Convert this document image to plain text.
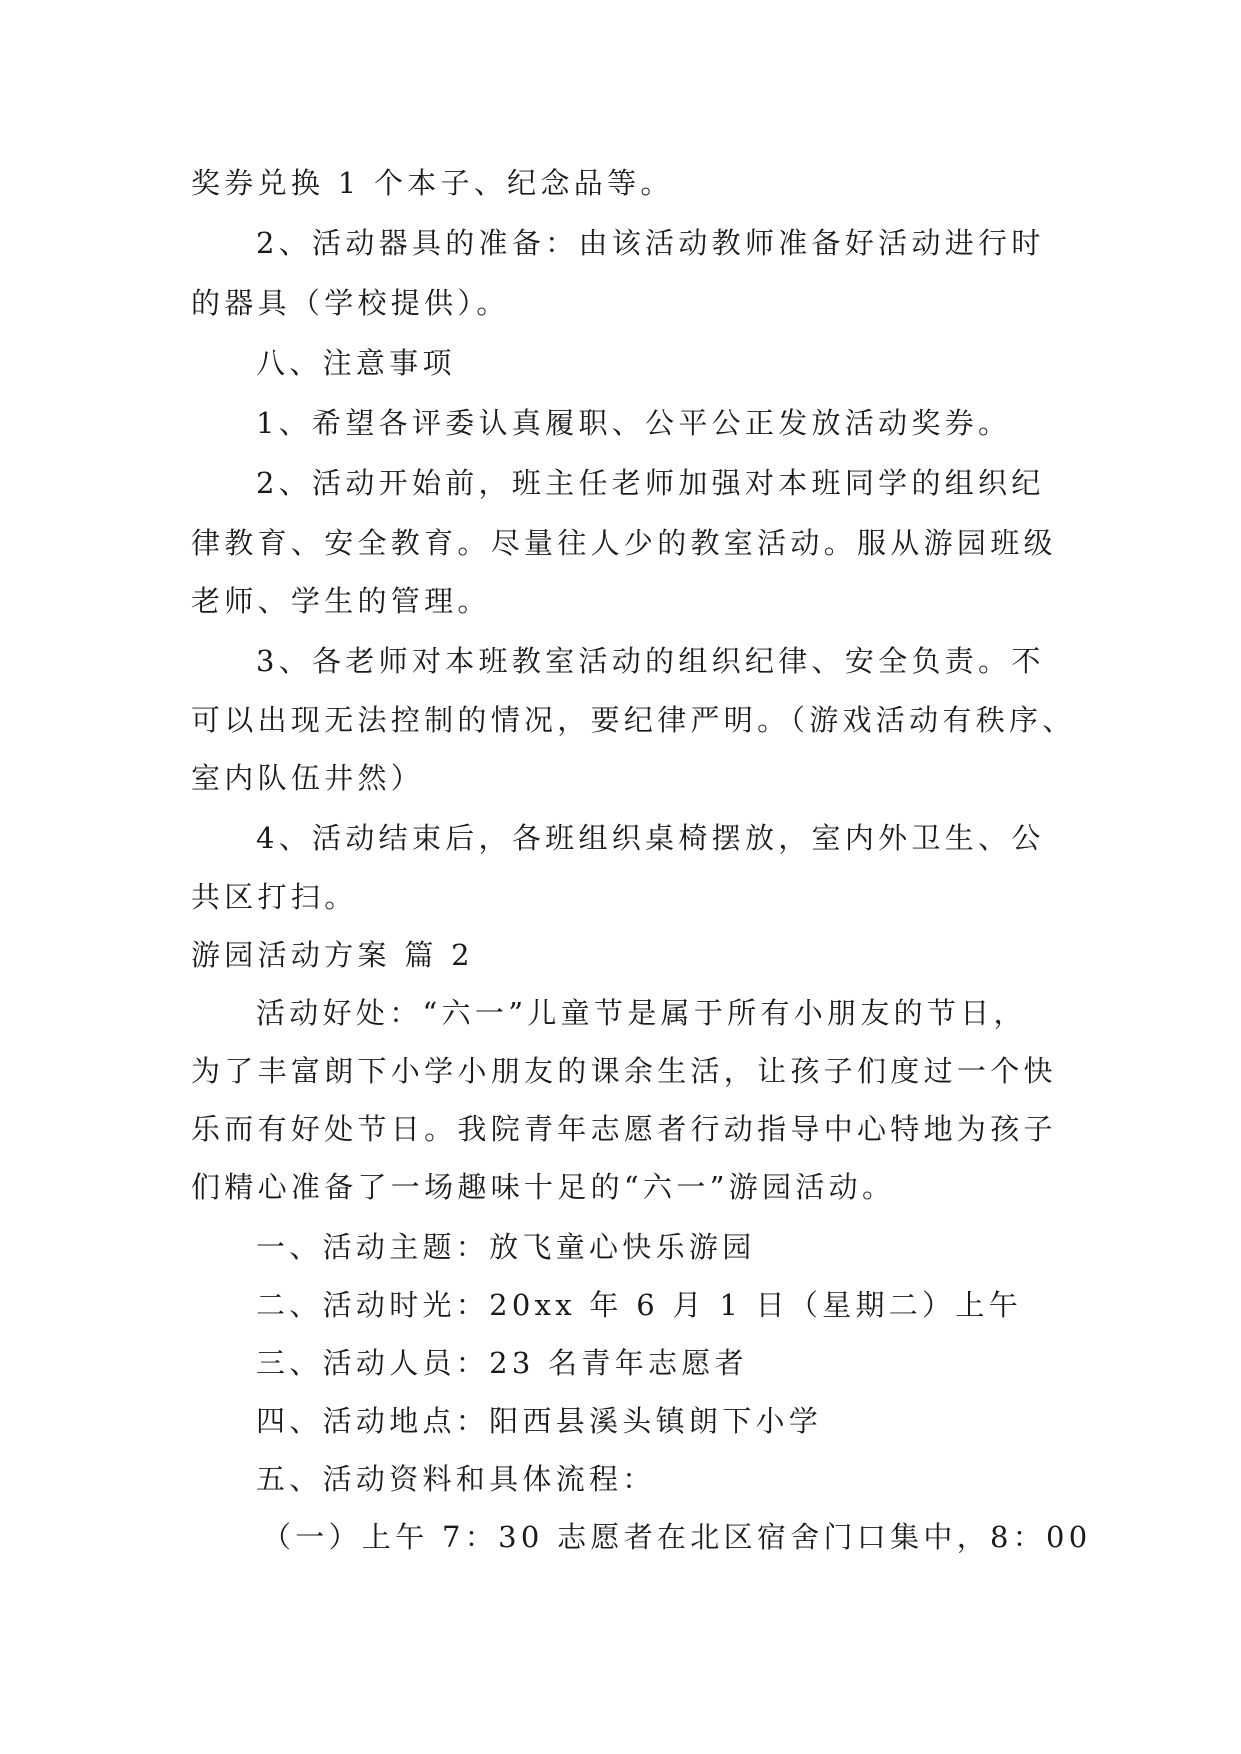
奖券兑换 1 个本子、纪念品等。
2、活动器具的准备：由该活动教师准备好活动进行时
的器具（学校提供）。
八、注意事项
1、希望各评委认真履职、公平公正发放活动奖券。
2、活动开始前，班主任老师加强对本班同学的组织纪
律教育、安全教育。尽量往人少的教室活动。服从游园班级
老师、学生的管理。
3、各老师对本班教室活动的组织纪律、安全负责。不
可以出现无法控制的情况，要纪律严明。（游戏活动有秩序、
室内队伍井然）
4、活动结束后，各班组织桌椅摆放，室内外卫生、公
共区打扫。
游园活动方案 篇 2
活动好处：“六一”儿童节是属于所有小朋友的节日，
为了丰富朗下小学小朋友的课余生活，让孩子们度过一个快
乐而有好处节日。我院青年志愿者行动指导中心特地为孩子
们精心准备了一场趣味十足的“六一”游园活动。
一、活动主题：放飞童心快乐游园
二、活动时光：20xx 年 6 月 1 日（星期二）上午
三、活动人员：23 名青年志愿者
四、活动地点：阳西县溪头镇朗下小学
五、活动资料和具体流程：
（一）上午 7：30 志愿者在北区宿舍门口集中，8：00
